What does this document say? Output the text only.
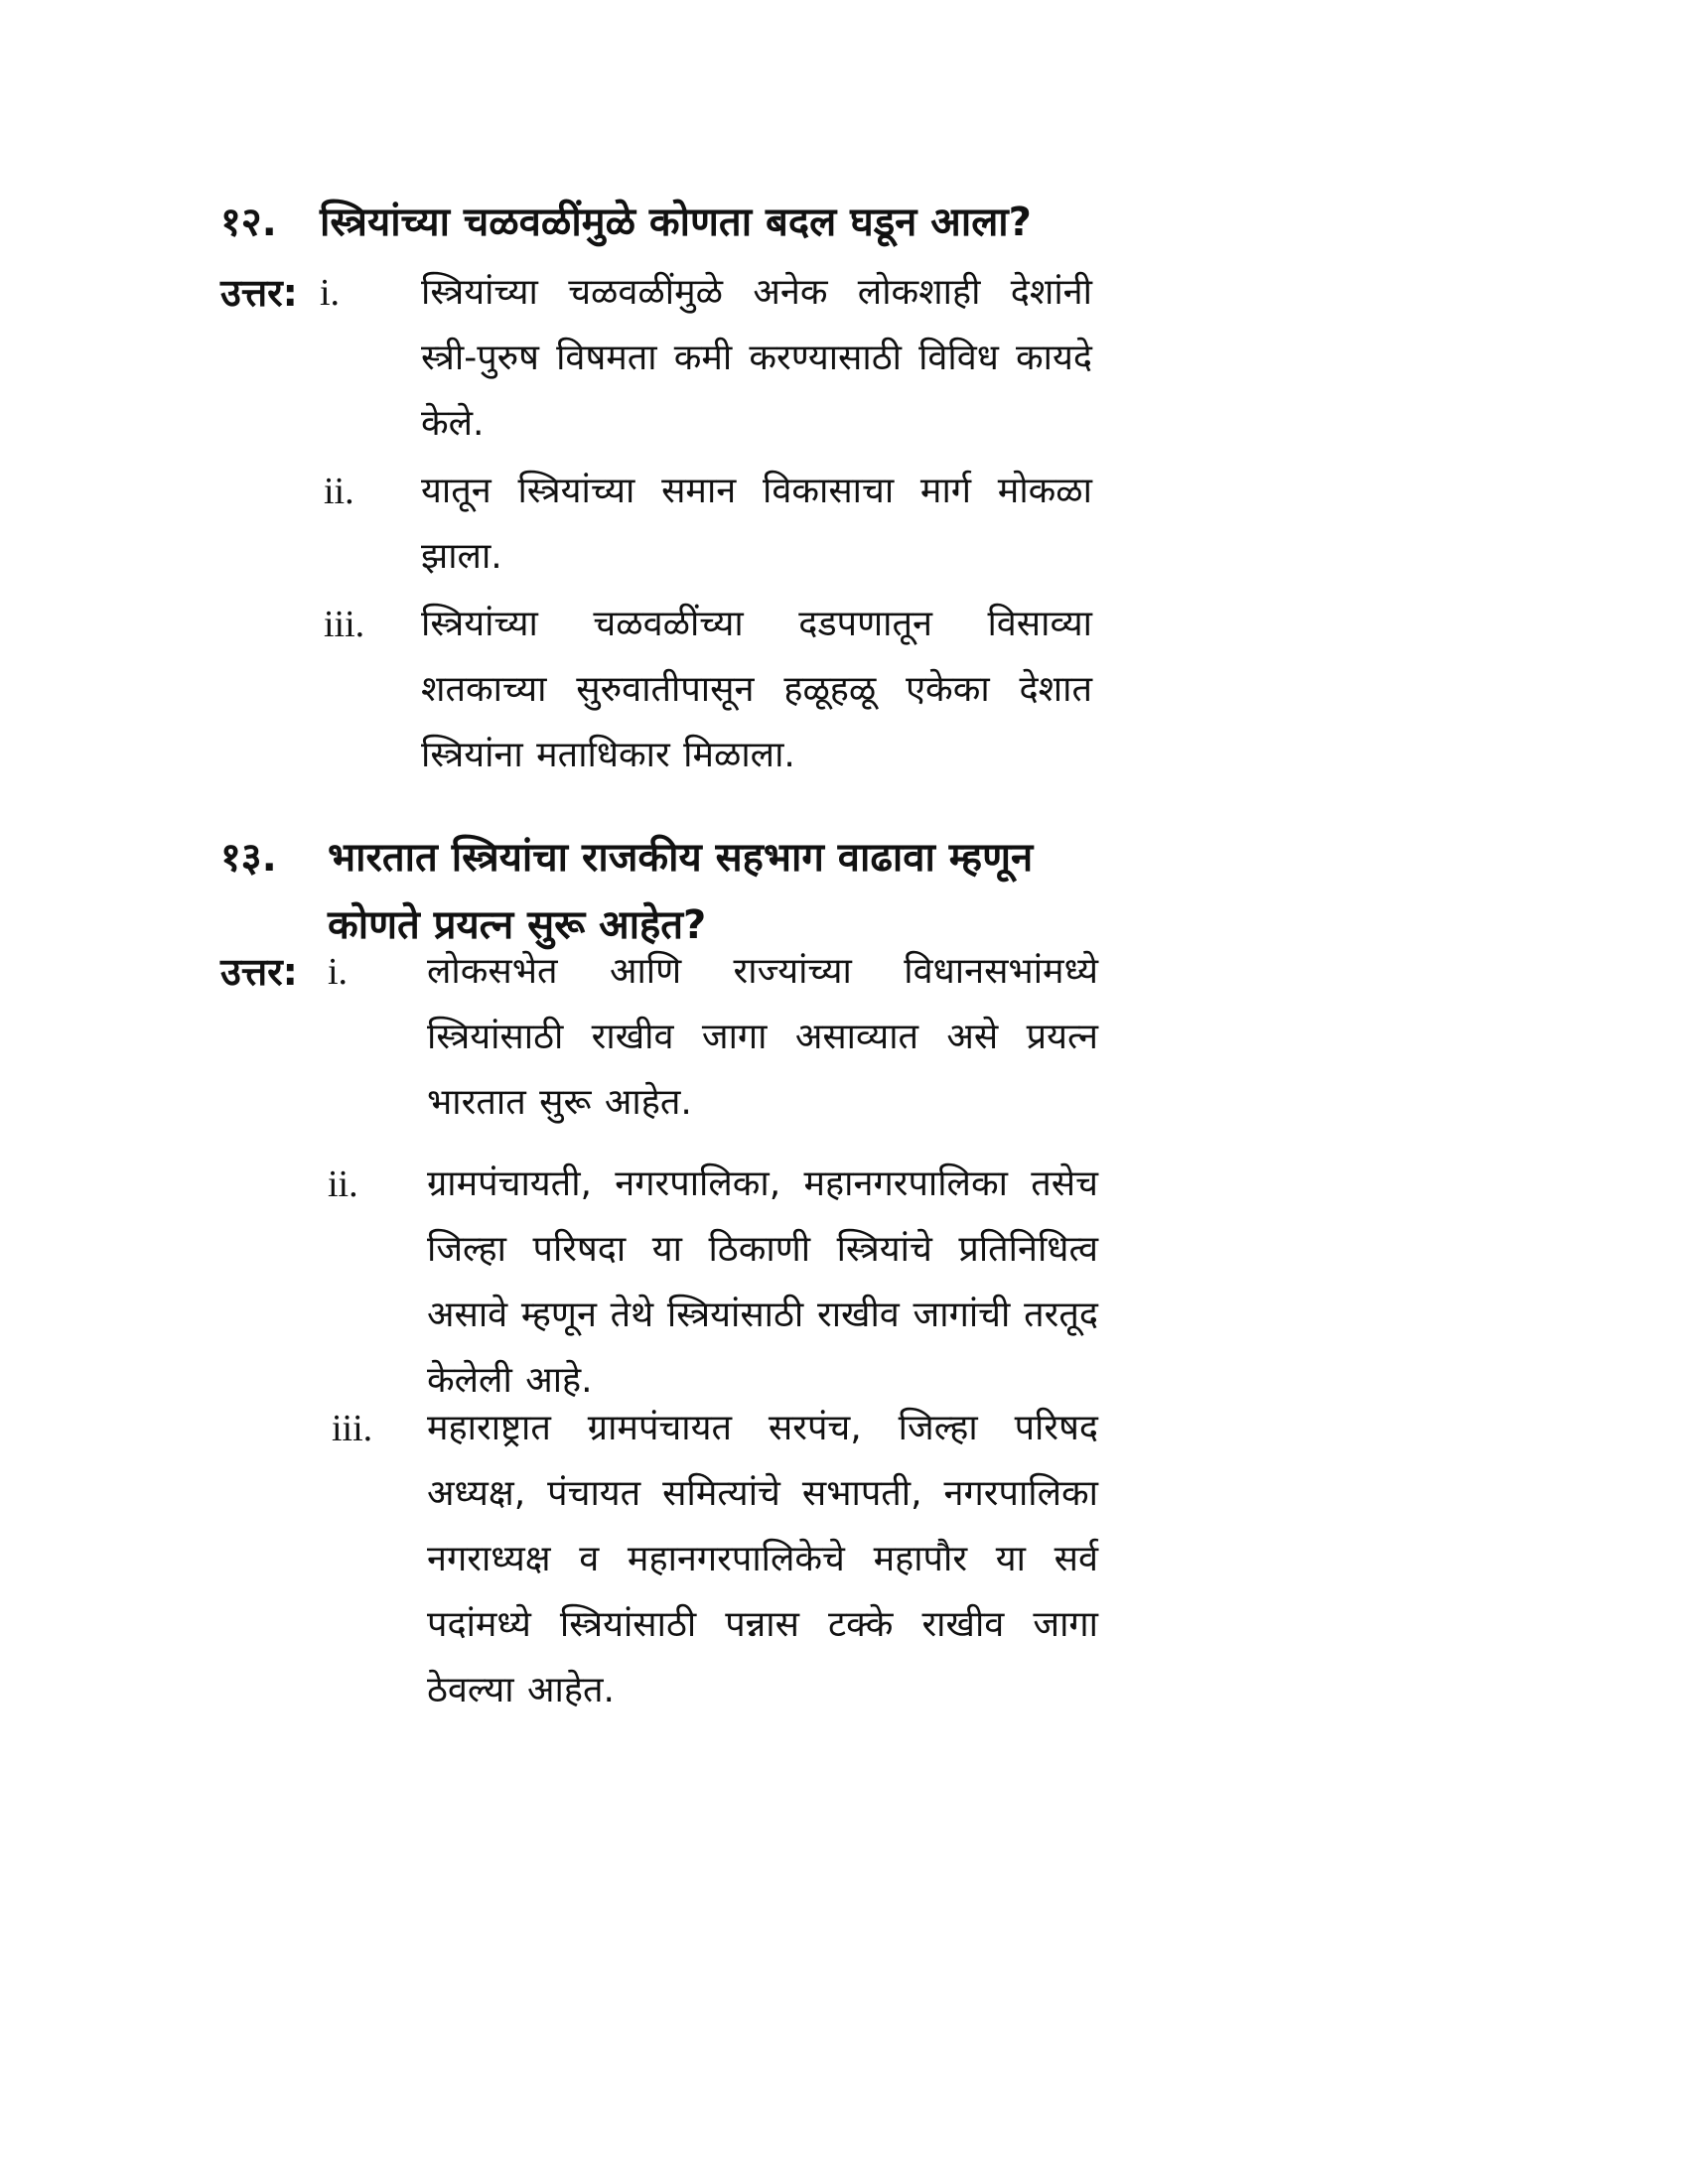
१२. स्त्रियांच्या चळवळींमुळे कोणता बदल घडून आला?
उत्तर: i. स्त्रियांच्या चळवळींमुळे अनेक लोकशाही देशांनी स्त्री-पुरुष विषमता कमी करण्यासाठी विविध कायदे केले.
ii. यातून स्त्रियांच्या समान विकासाचा मार्ग मोकळा झाला.
iii. स्त्रियांच्या चळवळींच्या दडपणातून विसाव्या शतकाच्या सुरुवातीपासून हळूहळू एकेका देशात स्त्रियांना मताधिकार मिळाला.
१३. भारतात स्त्रियांचा राजकीय सहभाग वाढावा म्हणून कोणते प्रयत्न सुरू आहेत?
उत्तर: i. लोकसभेत आणि राज्यांच्या विधानसभांमध्ये स्त्रियांसाठी राखीव जागा असाव्यात असे प्रयत्न भारतात सुरू आहेत.
ii. ग्रामपंचायती, नगरपालिका, महानगरपालिका तसेच जिल्हा परिषदा या ठिकाणी स्त्रियांचे प्रतिनिधित्व असावे म्हणून तेथे स्त्रियांसाठी राखीव जागांची तरतूद केलेली आहे.
iii. महाराष्ट्रात ग्रामपंचायत सरपंच, जिल्हा परिषद अध्यक्ष, पंचायत समित्यांचे सभापती, नगरपालिका नगराध्यक्ष व महानगरपालिकेचे महापौर या सर्व पदांमध्ये स्त्रियांसाठी पन्नास टक्के राखीव जागा ठेवल्या आहेत.
